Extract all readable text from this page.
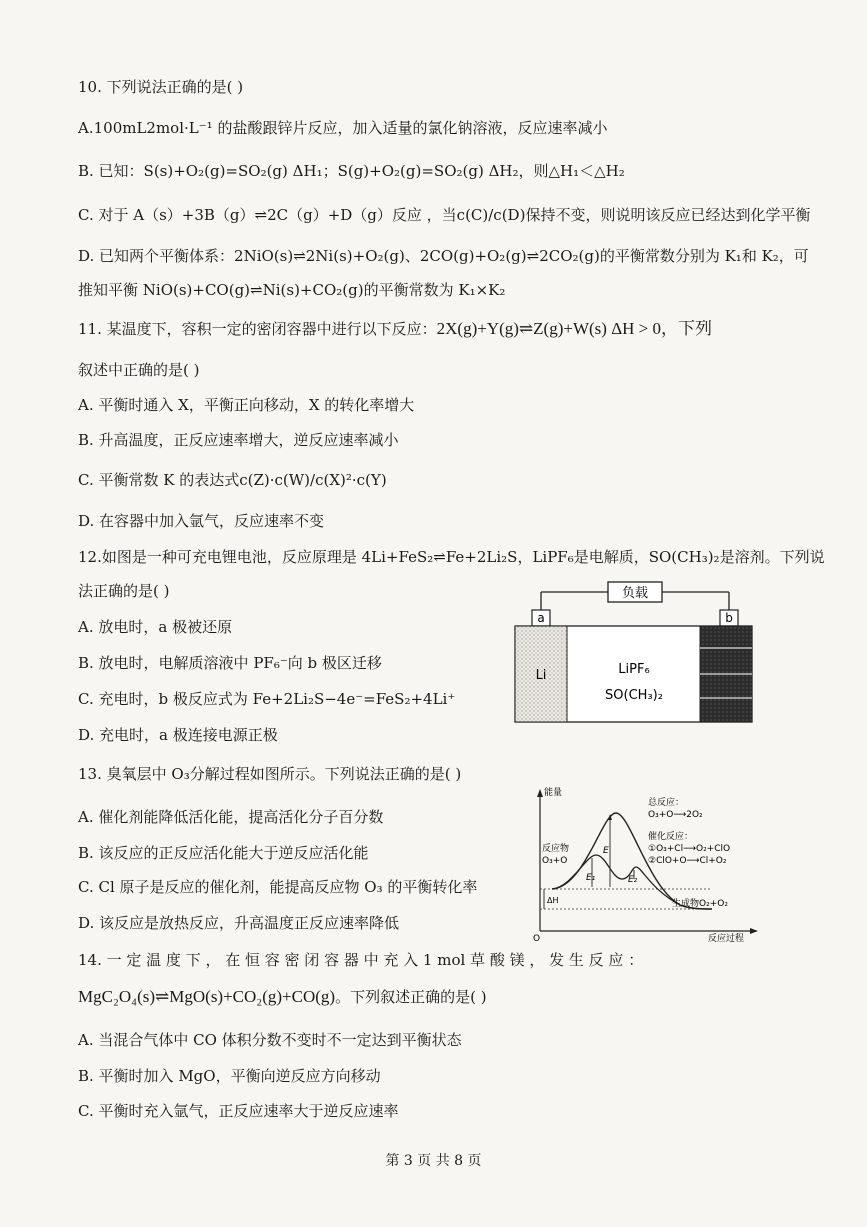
10. 下列说法正确的是( )
A.100mL2mol·L⁻¹ 的盐酸跟锌片反应，加入适量的氯化钠溶液，反应速率减小
B. 已知：S(s)+O₂(g)=SO₂(g) ΔH₁；S(g)+O₂(g)=SO₂(g) ΔH₂，则△H₁＜△H₂
C. 对于 A（s）+3B（g）⇌2C（g）+D（g）反应 ，当c(C)/c(D)保持不变，则说明该反应已经达到化学平衡
D. 已知两个平衡体系：2NiO(s)⇌2Ni(s)+O₂(g)、2CO(g)+O₂(g)⇌2CO₂(g)的平衡常数分别为 K₁和 K₂，可
推知平衡 NiO(s)+CO(g)⇌Ni(s)+CO₂(g)的平衡常数为 K₁×K₂
11. 某温度下，容积一定的密闭容器中进行以下反应：2X(g)+Y(g)⇌Z(g)+W(s) ΔH > 0，下列
叙述中正确的是( )
A. 平衡时通入 X，平衡正向移动，X 的转化率增大
B. 升高温度，正反应速率增大，逆反应速率减小
C. 平衡常数 K 的表达式c(Z)·c(W)/c(X)²·c(Y)
D. 在容器中加入氩气，反应速率不变
12.如图是一种可充电锂电池，反应原理是 4Li+FeS₂⇌Fe+2Li₂S，LiPF₆是电解质，SO(CH₃)₂是溶剂。下列说
法正确的是( )
A. 放电时，a 极被还原
B. 放电时，电解质溶液中 PF₆⁻向 b 极区迁移
C. 充电时，b 极反应式为 Fe+2Li₂S−4e⁻=FeS₂+4Li⁺
D. 充电时，a 极连接电源正极
负载
a	b
Li	LiPF₆
SO(CH₃)₂
13. 臭氧层中 O₃分解过程如图所示。下列说法正确的是( )
A. 催化剂能降低活化能，提高活化分子百分数
B. 该反应的正反应活化能大于逆反应活化能
C. Cl 原子是反应的催化剂，能提高反应物 O₃ 的平衡转化率
D. 该反应是放热反应，升高温度正反应速率降低
能量
反应过程
O
E
E₁	E₂
ΔH
反应物
O₃+O
生成物O₂+O₂
总反应：
O₃+O⟶2O₂
催化反应：
①O₃+Cl⟶O₂+ClO
②ClO+O⟶Cl+O₂
14. 一 定 温 度 下 ， 在 恒 容 密 闭 容 器 中 充 入 1 mol 草 酸 镁 ， 发 生 反 应 ：
MgC₂O₄(s)⇌MgO(s)+CO₂(g)+CO(g)。下列叙述正确的是( )
A. 当混合气体中 CO 体积分数不变时不一定达到平衡状态
B. 平衡时加入 MgO，平衡向逆反应方向移动
C. 平衡时充入氩气，正反应速率大于逆反应速率
第 3 页 共 8 页
